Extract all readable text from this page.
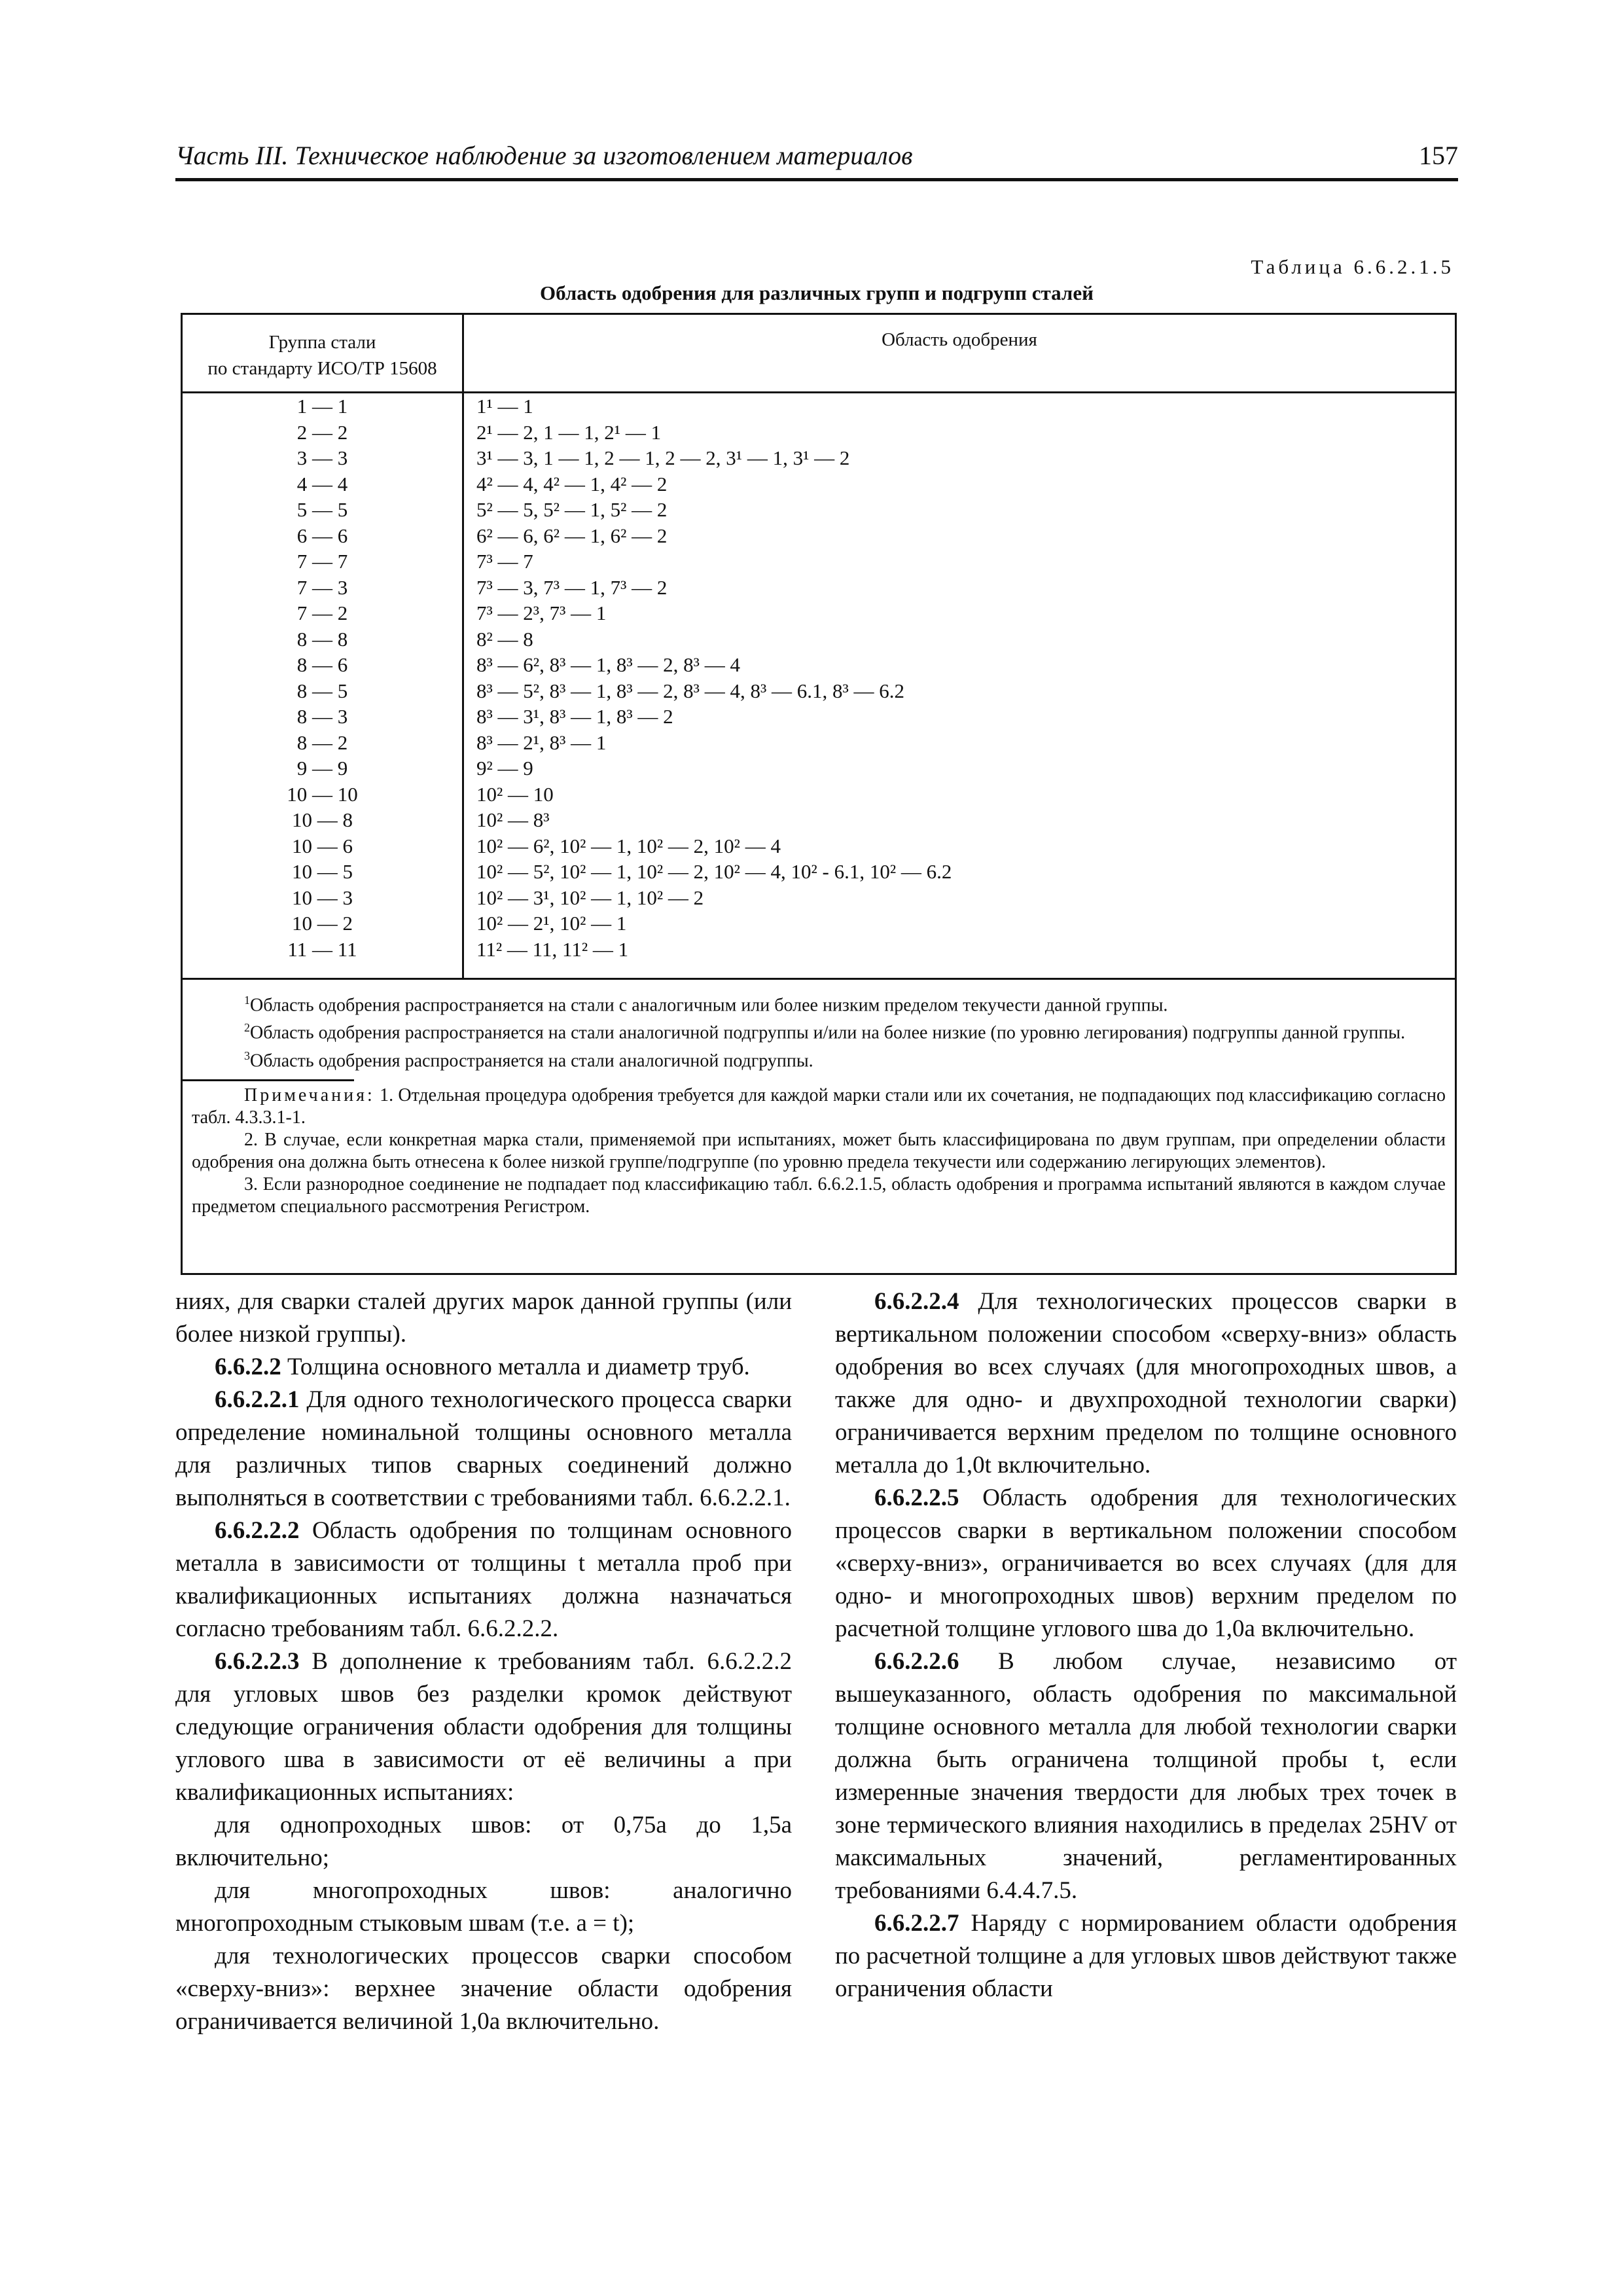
Часть III. Техническое наблюдение за изготовлением материалов	157
Таблица 6.6.2.1.5
Область одобрения для различных групп и подгрупп сталей
Группа стали
по стандарту ИСО/ТР 15608
Область одобрения
1 — 1
2 — 2
3 — 3
4 — 4
5 — 5
6 — 6
7 — 7
7 — 3
7 — 2
8 — 8
8 — 6
8 — 5
8 — 3
8 — 2
9 — 9
10 — 10
10 — 8
10 — 6
10 — 5
10 — 3
10 — 2
11 — 11
1¹ — 1
2¹ — 2, 1 — 1, 2¹ — 1
3¹ — 3, 1 — 1, 2 — 1, 2 — 2, 3¹ — 1, 3¹ — 2
4² — 4, 4² — 1, 4² — 2
5² — 5, 5² — 1, 5² — 2
6² — 6, 6² — 1, 6² — 2
7³ — 7
7³ — 3, 7³ — 1, 7³ — 2
7³ — 2³, 7³ — 1
8² — 8
8³ — 6², 8³ — 1, 8³ — 2, 8³ — 4
8³ — 5², 8³ — 1, 8³ — 2, 8³ — 4, 8³ — 6.1, 8³ — 6.2
8³ — 3¹, 8³ — 1, 8³ — 2
8³ — 2¹, 8³ — 1
9² — 9
10² — 10
10² — 8³
10² — 6², 10² — 1, 10² — 2, 10² — 4
10² — 5², 10² — 1, 10² — 2, 10² — 4, 10² - 6.1, 10² — 6.2
10² — 3¹, 10² — 1, 10² — 2
10² — 2¹, 10² — 1
11² — 11, 11² — 1

$^1$Область одобрения распространяется на стали с аналогичным или более низким пределом текучести данной группы.

$^2$Область одобрения распространяется на стали аналогичной подгруппы и/или на более низкие (по уровню легирования) подгруппы данной группы.

$^3$Область одобрения распространяется на стали аналогичной подгруппы.

Примечания: 1. Отдельная процедура одобрения требуется для каждой марки стали или их сочетания, не подпадающих под классификацию согласно табл. 4.3.3.1-1.

2. В случае, если конкретная марка стали, применяемой при испытаниях, может быть классифицирована по двум группам, при определении области одобрения она должна быть отнесена к более низкой группе/подгруппе (по уровню предела текучести или содержанию легирующих элементов).

3. Если разнородное соединение не подпадает под классификацию табл. 6.6.2.1.5, область одобрения и программа испытаний являются в каждом случае предметом специального рассмотрения Регистром.

ниях, для сварки сталей других марок данной группы (или более низкой группы).

6.6.2.2 Толщина основного металла и диаметр труб.

6.6.2.2.1 Для одного технологического процесса сварки определение номинальной толщины основного металла для различных типов сварных соединений должно выполняться в соответствии с требованиями табл. 6.6.2.2.1.

6.6.2.2.2 Область одобрения по толщинам основного металла в зависимости от толщины t металла проб при квалификационных испытаниях должна назначаться согласно требованиям табл. 6.6.2.2.2.

6.6.2.2.3 В дополнение к требованиям табл. 6.6.2.2.2 для угловых швов без разделки кромок действуют следующие ограничения области одобрения для толщины углового шва в зависимости от её величины а при квалификационных испытаниях:

для однопроходных швов: от 0,75a до 1,5a включительно;

для многопроходных швов: аналогично многопроходным стыковым швам (т.е. a = t);

для технологических процессов сварки способом «сверху-вниз»: верхнее значение области одобрения ограничивается величиной 1,0a включительно.

6.6.2.2.4 Для технологических процессов сварки в вертикальном положении способом «сверху-вниз» область одобрения во всех случаях (для многопроходных швов, а также для одно- и двухпроходной технологии сварки) ограничивается верхним пределом по толщине основного металла до 1,0t включительно.

6.6.2.2.5 Область одобрения для технологических процессов сварки в вертикальном положении способом «сверху-вниз», ограничивается во всех случаях (для для одно- и многопроходных швов) верхним пределом по расчетной толщине углового шва до 1,0a включительно.

6.6.2.2.6 В любом случае, независимо от вышеуказанного, область одобрения по максимальной толщине основного металла для любой технологии сварки должна быть ограничена толщиной пробы t, если измеренные значения твердости для любых трех точек в зоне термического влияния находились в пределах 25HV от максимальных значений, регламентированных требованиями 6.4.4.7.5.

6.6.2.2.7 Наряду с нормированием области одобрения по расчетной толщине а для угловых швов действуют также ограничения области
